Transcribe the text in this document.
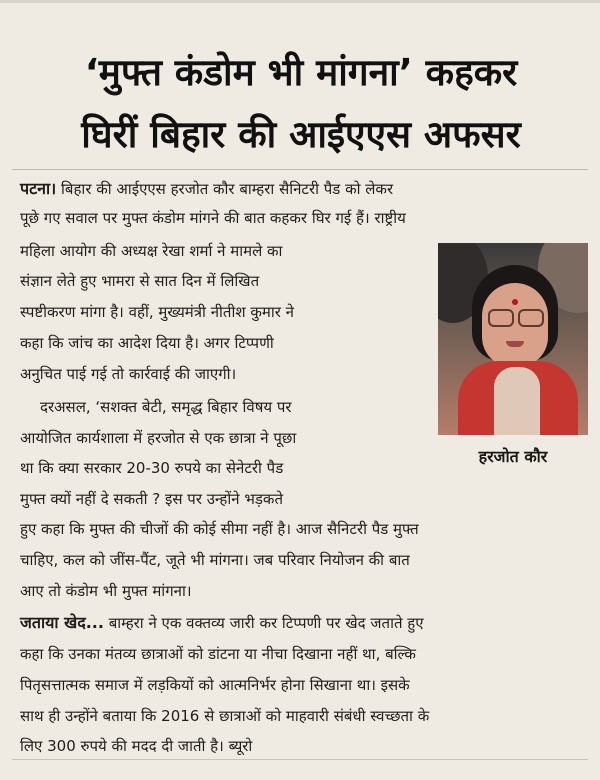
‘मुफ्त कंडोम भी मांगना’ कहकर
घिरीं बिहार की आईएएस अफसर
पटना। बिहार की आईएएस हरजोत कौर बाम्हरा सैनिटरी पैड को लेकर
पूछे गए सवाल पर मुफ्त कंडोम मांगने की बात कहकर घिर गई हैं। राष्ट्रीय
महिला आयोग की अध्यक्ष रेखा शर्मा ने मामले का
संज्ञान लेते हुए भामरा से सात दिन में लिखित
स्पष्टीकरण मांगा है। वहीं, मुख्यमंत्री नीतीश कुमार ने
कहा कि जांच का आदेश दिया है। अगर टिप्पणी
अनुचित पाई गई तो कार्रवाई की जाएगी।
दरअसल, ‘सशक्त बेटी, समृद्ध बिहार विषय पर
आयोजित कार्यशाला में हरजोत से एक छात्रा ने पूछा
था कि क्या सरकार 20-30 रुपये का सेनेटरी पैड
मुफ्त क्यों नहीं दे सकती ? इस पर उन्होंने भड़कते
हुए कहा कि मुफ्त की चीजों की कोई सीमा नहीं है। आज सैनिटरी पैड मुफ्त
चाहिए, कल को जींस-पैंट, जूते भी मांगना। जब परिवार नियोजन की बात
आए तो कंडोम भी मुफ्त मांगना।
जताया खेद... बाम्हरा ने एक वक्तव्य जारी कर टिप्पणी पर खेद जताते हुए
कहा कि उनका मंतव्य छात्राओं को डांटना या नीचा दिखाना नहीं था, बल्कि
पितृसत्तात्मक समाज में लड़कियों को आत्मनिर्भर होना सिखाना था। इसके
साथ ही उन्होंने बताया कि 2016 से छात्राओं को माहवारी संबंधी स्वच्छता के
लिए 300 रुपये की मदद दी जाती है। ब्यूरो
हरजोत कौर
